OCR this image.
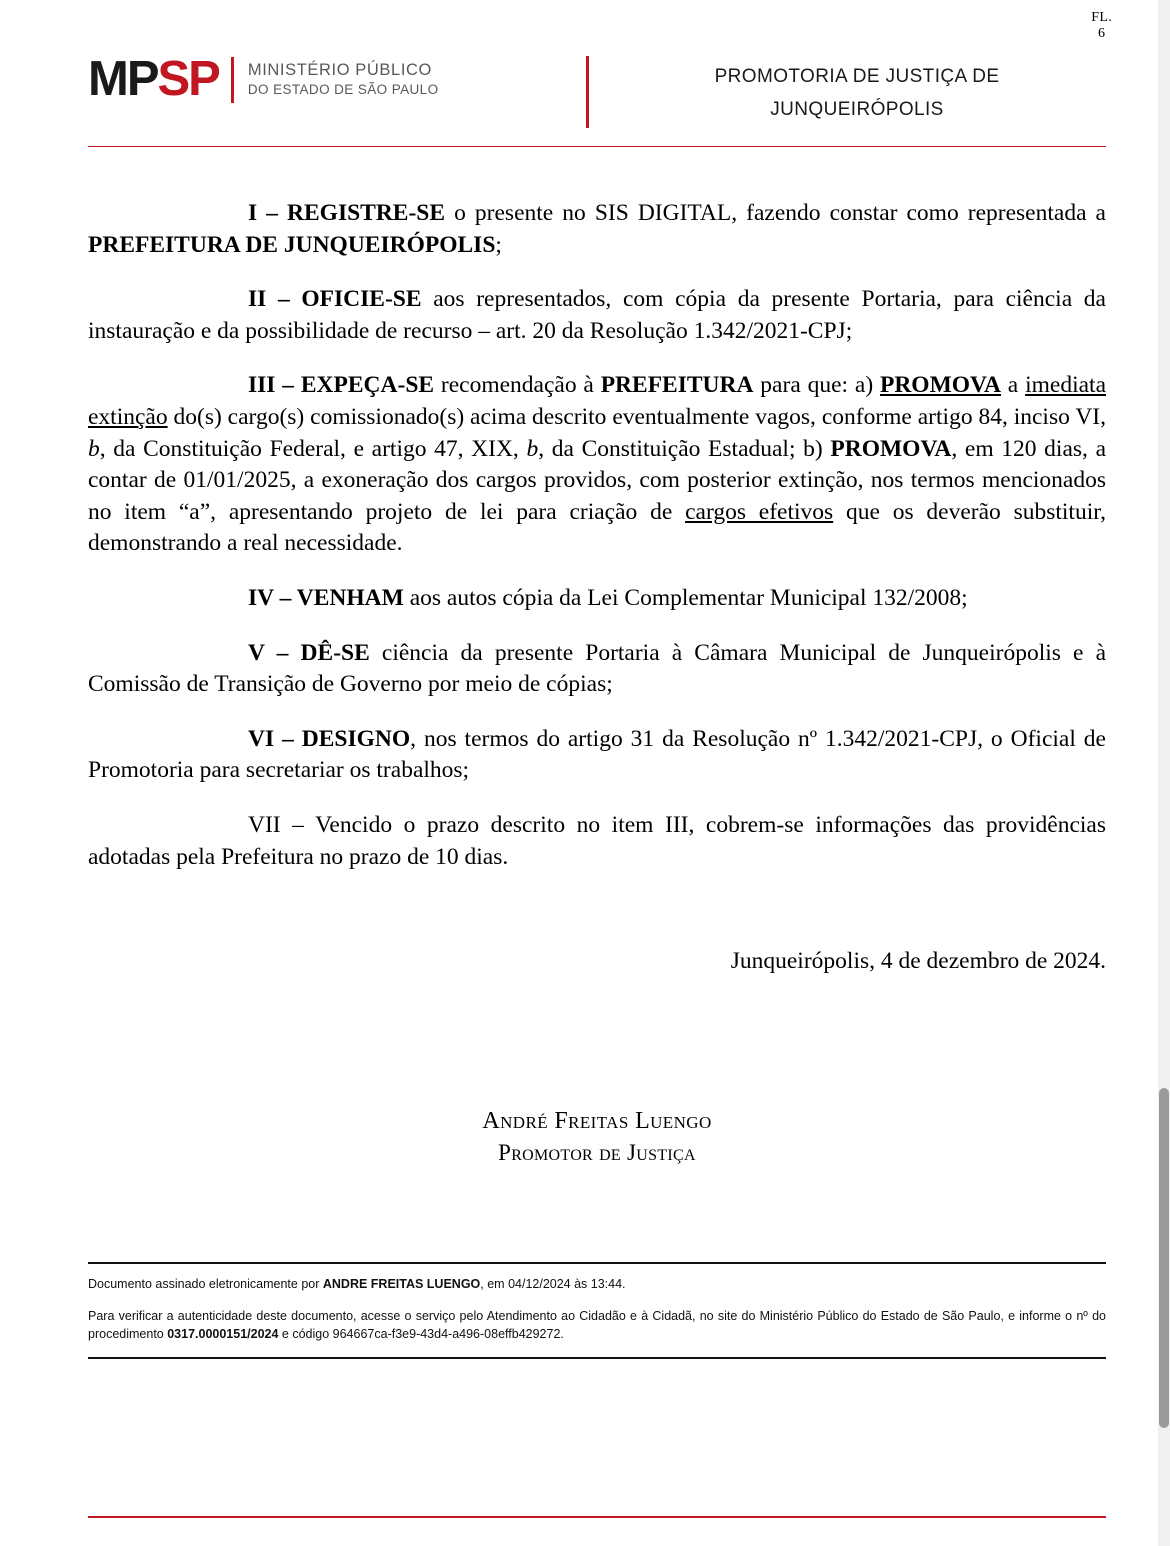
FL.
6
MPSP MINISTÉRIO PÚBLICO
DO ESTADO DE SÃO PAULO
PROMOTORIA DE JUSTIÇA DE
JUNQUEIRÓPOLIS

I – REGISTRE-SE o presente no SIS DIGITAL, fazendo constar como representada a PREFEITURA DE JUNQUEIRÓPOLIS;

II – OFICIE-SE aos representados, com cópia da presente Portaria, para ciência da instauração e da possibilidade de recurso – art. 20 da Resolução 1.342/2021-CPJ;

III – EXPEÇA-SE recomendação à PREFEITURA para que: a) PROMOVA a imediata extinção do(s) cargo(s) comissionado(s) acima descrito eventualmente vagos, conforme artigo 84, inciso VI, b, da Constituição Federal, e artigo 47, XIX, b, da Constituição Estadual; b) PROMOVA, em 120 dias, a contar de 01/01/2025, a exoneração dos cargos providos, com posterior extinção, nos termos mencionados no item “a”, apresentando projeto de lei para criação de cargos efetivos que os deverão substituir, demonstrando a real necessidade.

IV – VENHAM aos autos cópia da Lei Complementar Municipal 132/2008;

V – DÊ-SE ciência da presente Portaria à Câmara Municipal de Junqueirópolis e à Comissão de Transição de Governo por meio de cópias;

VI – DESIGNO, nos termos do artigo 31 da Resolução nº 1.342/2021-CPJ, o Oficial de Promotoria para secretariar os trabalhos;

VII – Vencido o prazo descrito no item III, cobrem-se informações das providências adotadas pela Prefeitura no prazo de 10 dias.

Junqueirópolis, 4 de dezembro de 2024.
André Freitas Luengo
Promotor de Justiça
Documento assinado eletronicamente por ANDRE FREITAS LUENGO, em 04/12/2024 às 13:44.
Para verificar a autenticidade deste documento, acesse o serviço pelo Atendimento ao Cidadão e à Cidadã, no site do Ministério Público do Estado de São Paulo, e informe o nº do procedimento 0317.0000151/2024 e código 964667ca-f3e9-43d4-a496-08effb429272.
